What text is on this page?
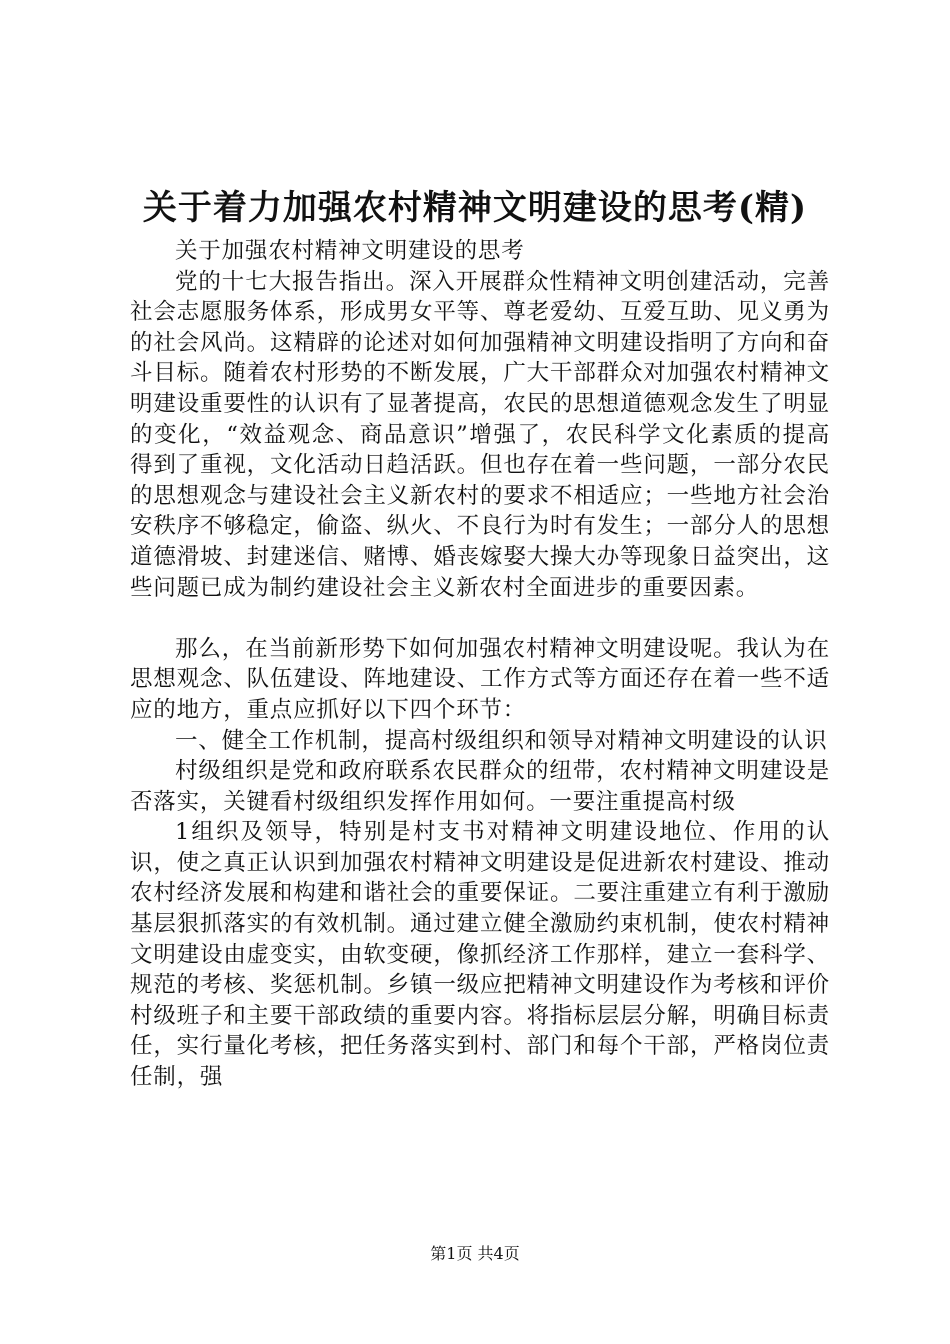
关于着力加强农村精神文明建设的思考(精)

关于加强农村精神文明建设的思考

党的十七大报告指出。深入开展群众性精神文明创建活动，完善社会志愿服务体系，形成男女平等、尊老爱幼、互爱互助、见义勇为的社会风尚。这精辟的论述对如何加强精神文明建设指明了方向和奋斗目标。随着农村形势的不断发展，广大干部群众对加强农村精神文明建设重要性的认识有了显著提高，农民的思想道德观念发生了明显的变化，“效益观念、商品意识”增强了，农民科学文化素质的提高得到了重视，文化活动日趋活跃。但也存在着一些问题，一部分农民的思想观念与建设社会主义新农村的要求不相适应；一些地方社会治安秩序不够稳定，偷盗、纵火、不良行为时有发生；一部分人的思想道德滑坡、封建迷信、赌博、婚丧嫁娶大操大办等现象日益突出，这些问题已成为制约建设社会主义新农村全面进步的重要因素。

那么，在当前新形势下如何加强农村精神文明建设呢。我认为在思想观念、队伍建设、阵地建设、工作方式等方面还存在着一些不适应的地方，重点应抓好以下四个环节：

一、健全工作机制，提高村级组织和领导对精神文明建设的认识

村级组织是党和政府联系农民群众的纽带，农村精神文明建设是否落实，关键看村级组织发挥作用如何。一要注重提高村级

1组织及领导，特别是村支书对精神文明建设地位、作用的认识，使之真正认识到加强农村精神文明建设是促进新农村建设、推动农村经济发展和构建和谐社会的重要保证。二要注重建立有利于激励基层狠抓落实的有效机制。通过建立健全激励约束机制，使农村精神文明建设由虚变实，由软变硬，像抓经济工作那样，建立一套科学、规范的考核、奖惩机制。乡镇一级应把精神文明建设作为考核和评价村级班子和主要干部政绩的重要内容。将指标层层分解，明确目标责任，实行量化考核，把任务落实到村、部门和每个干部，严格岗位责任制，强

第1页 共4页
